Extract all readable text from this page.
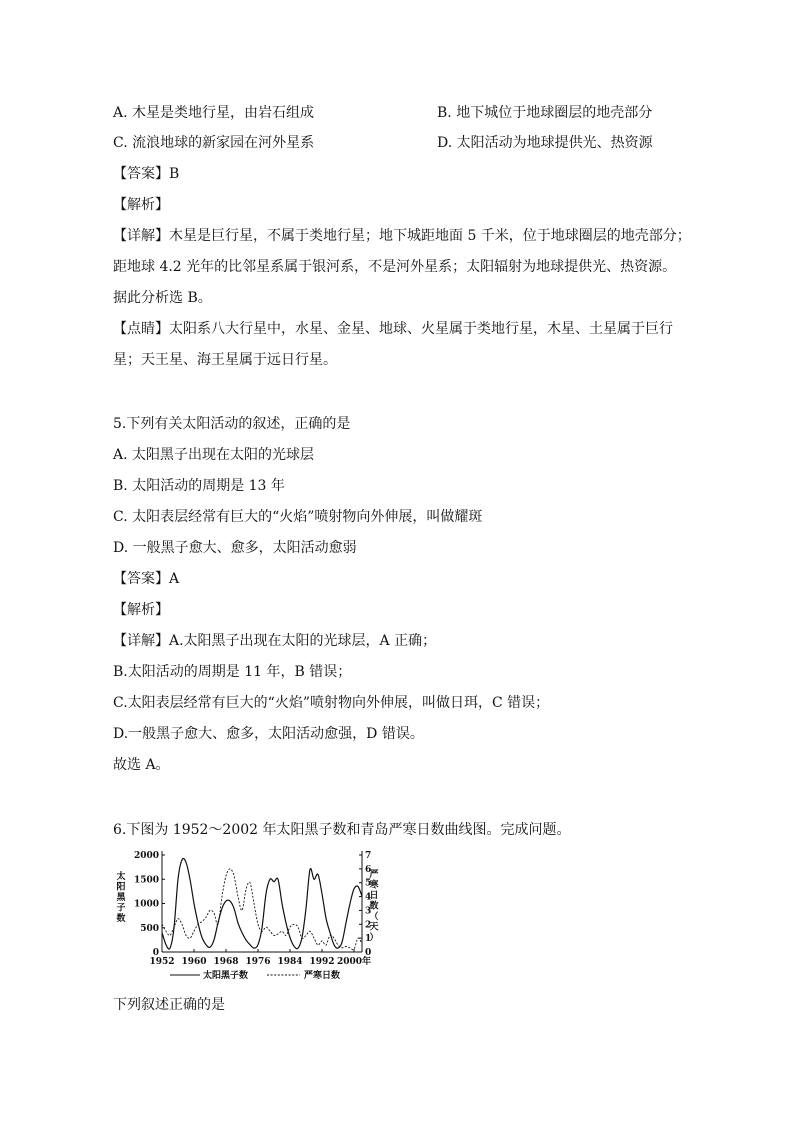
A. 木星是类地行星，由岩石组成	B. 地下城位于地球圈层的地壳部分
C. 流浪地球的新家园在河外星系	D. 太阳活动为地球提供光、热资源
【答案】B
【解析】
【详解】木星是巨行星，不属于类地行星；地下城距地面 5 千米，位于地球圈层的地壳部分；
距地球 4.2 光年的比邻星系属于银河系，不是河外星系；太阳辐射为地球提供光、热资源。
据此分析选 B。
【点睛】太阳系八大行星中，水星、金星、地球、火星属于类地行星，木星、土星属于巨行
星；天王星、海王星属于远日行星。
5.下列有关太阳活动的叙述，正确的是
A. 太阳黑子出现在太阳的光球层
B. 太阳活动的周期是 13 年
C. 太阳表层经常有巨大的“火焰”喷射物向外伸展，叫做耀斑
D. 一般黑子愈大、愈多，太阳活动愈弱
【答案】A
【解析】
【详解】A.太阳黑子出现在太阳的光球层，A 正确；
B.太阳活动的周期是 11 年，B 错误；
C.太阳表层经常有巨大的“火焰”喷射物向外伸展，叫做日珥，C 错误；
D.一般黑子愈大、愈多，太阳活动愈强，D 错误。
故选 A。
6.下图为 1952～2002 年太阳黑子数和青岛严寒日数曲线图。完成问题。
0
500
1000
1500
2000
0
1
2
3
4
5
6
7
1952 1960 1968 1976 1984 1992 2000年
太阳黑子数
严寒日数（天）
太阳黑子数	严寒日数
下列叙述正确的是
